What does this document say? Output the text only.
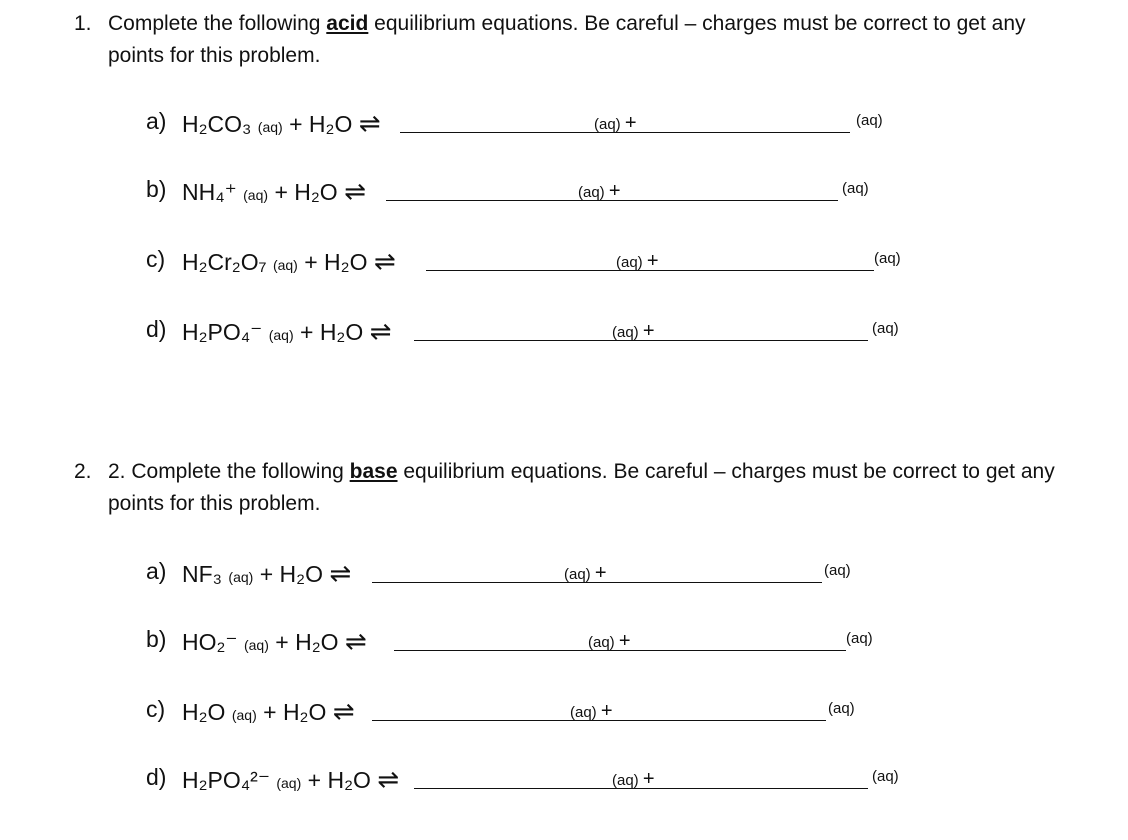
1. Complete the following acid equilibrium equations. Be careful – charges must be correct to get any points for this problem.
a) H₂CO₃ (aq) + H₂O ⇌	(aq) +	(aq)
b) NH₄⁺ (aq) + H₂O ⇌	(aq) +	(aq)
c) H₂Cr₂O₇ (aq) + H₂O ⇌	(aq) +	(aq)
d) H₂PO₄⁻ (aq) + H₂O ⇌	(aq) +	(aq)
2. 2. Complete the following base equilibrium equations. Be careful – charges must be correct to get any points for this problem.
a) NF₃ (aq) + H₂O ⇌	(aq) +	(aq)
b) HO₂⁻ (aq) + H₂O ⇌	(aq) +	(aq)
c) H₂O (aq) + H₂O ⇌	(aq) +	(aq)
d) H₂PO₄²⁻ (aq) + H₂O ⇌	(aq) +	(aq)
